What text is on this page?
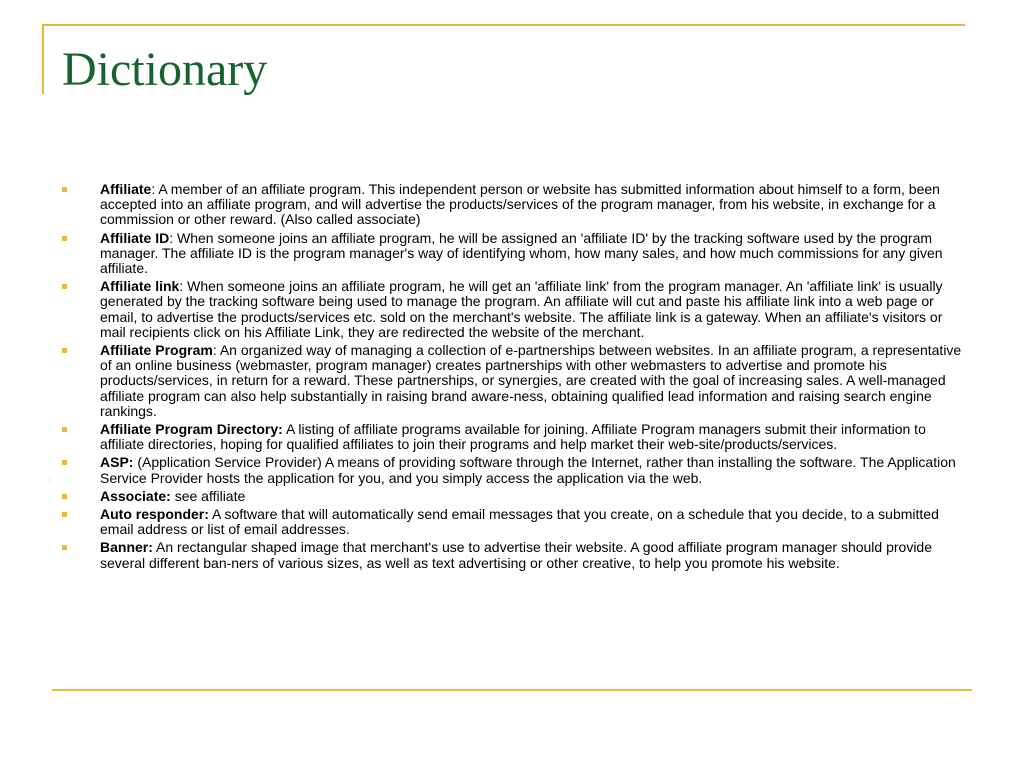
Dictionary
Affiliate: A member of an affiliate program. This independent person or website has submitted information about himself to a form, been accepted into an affiliate program, and will advertise the products/services of the program manager, from his website, in exchange for a commission or other reward. (Also called associate)
Affiliate ID: When someone joins an affiliate program, he will be assigned an 'affiliate ID' by the tracking software used by the program manager. The affiliate ID is the program manager's way of identifying whom, how many sales, and how much commissions for any given affiliate.
Affiliate link: When someone joins an affiliate program, he will get an 'affiliate link' from the program manager. An 'affiliate link' is usually generated by the tracking software being used to manage the program. An affiliate will cut and paste his affiliate link into a web page or email, to advertise the products/services etc. sold on the merchant's website. The affiliate link is a gateway. When an affiliate's visitors or mail recipients click on his Affiliate Link, they are redirected the website of the merchant.
Affiliate Program: An organized way of managing a collection of e-partnerships between websites. In an affiliate program, a representative of an online business (webmaster, program manager) creates partnerships with other webmasters to advertise and promote his products/services, in return for a reward. These partnerships, or synergies, are created with the goal of increasing sales. A well-managed affiliate program can also help substantially in raising brand aware-ness, obtaining qualified lead information and raising search engine rankings.
Affiliate Program Directory: A listing of affiliate programs available for joining. Affiliate Program managers submit their information to affiliate directories, hoping for qualified affiliates to join their programs and help market their web-site/products/services.
ASP: (Application Service Provider) A means of providing software through the Internet, rather than installing the software. The Application Service Provider hosts the application for you, and you simply access the application via the web.
Associate: see affiliate
Auto responder: A software that will automatically send email messages that you create, on a schedule that you decide, to a submitted email address or list of email addresses.
Banner: An rectangular shaped image that merchant's use to advertise their website. A good affiliate program manager should provide several different ban-ners of various sizes, as well as text advertising or other creative, to help you promote his website.
